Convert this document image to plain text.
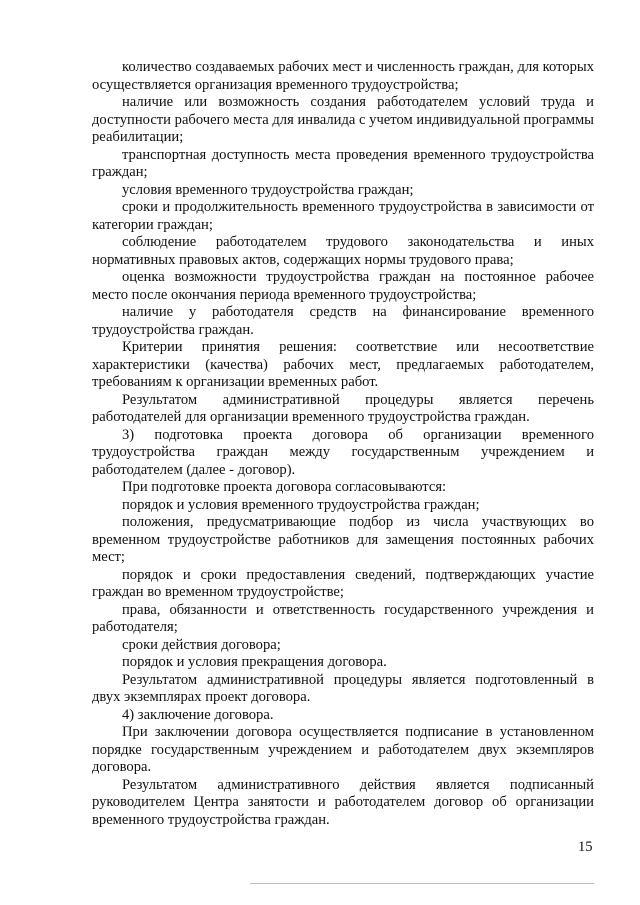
количество создаваемых рабочих мест и численность граждан, для которых осуществляется организация временного трудоустройства;

наличие или возможность создания работодателем условий труда и доступности рабочего места для инвалида с учетом индивидуальной программы реабилитации;

транспортная доступность места проведения временного трудоустройства граждан;

условия временного трудоустройства граждан;

сроки и продолжительность временного трудоустройства в зависимости от категории граждан;

соблюдение работодателем трудового законодательства и иных нормативных правовых актов, содержащих нормы трудового права;

оценка возможности трудоустройства граждан на постоянное рабочее место после окончания периода временного трудоустройства;

наличие у работодателя средств на финансирование временного трудоустройства граждан.

Критерии принятия решения: соответствие или несоответствие характеристики (качества) рабочих мест, предлагаемых работодателем, требованиям к организации временных работ.

Результатом административной процедуры является перечень работодателей для организации временного трудоустройства граждан.

3) подготовка проекта договора об организации временного трудоустройства граждан между государственным учреждением и работодателем (далее - договор).

При подготовке проекта договора согласовываются:

порядок и условия временного трудоустройства граждан;

положения, предусматривающие подбор из числа участвующих во временном трудоустройстве работников для замещения постоянных рабочих мест;

порядок и сроки предоставления сведений, подтверждающих участие граждан во временном трудоустройстве;

права, обязанности и ответственность государственного учреждения и работодателя;

сроки действия договора;

порядок и условия прекращения договора.

Результатом административной процедуры является подготовленный в двух экземплярах проект договора.

4) заключение договора.

При заключении договора осуществляется подписание в установленном порядке государственным учреждением и работодателем двух экземпляров договора.

Результатом административного действия является подписанный руководителем Центра занятости и работодателем договор об организации временного трудоустройства граждан.

15
